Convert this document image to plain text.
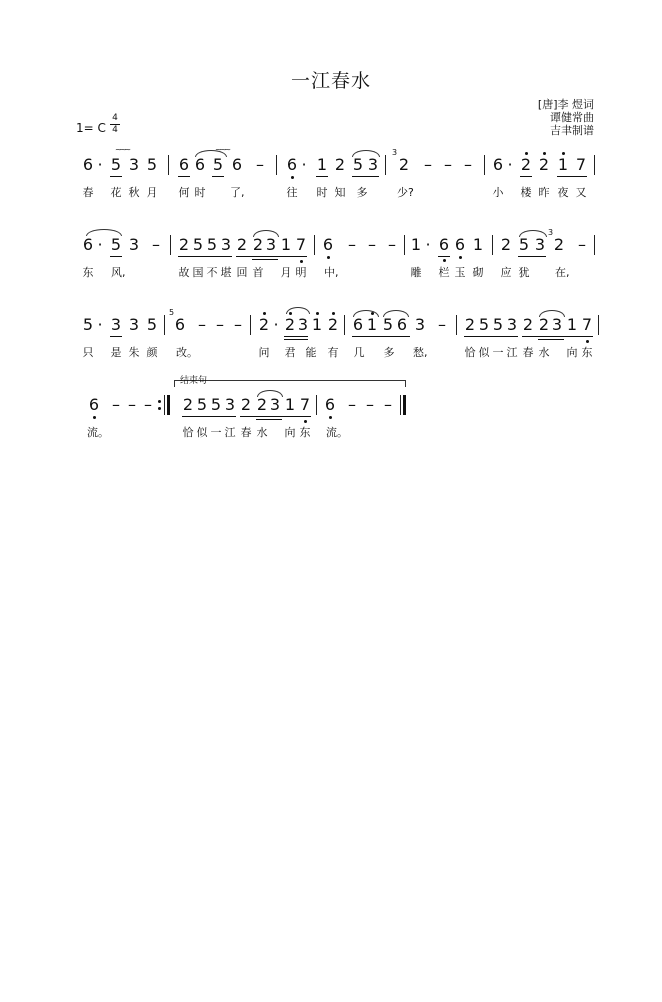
一江春水
[唐]李 煜词
谭健常曲
吉聿制谱
1= C
4
4
~~~	~~~
6 · 5 3 5 6 6 5 6 – 6 · 1 2 5 3
3
2 – – – 6 · 2 2 1 7
春 花 秋 月 何 时 了,	往 时 知 多	少?	小 楼 昨 夜 又
6 · 5 3 – 2 5 5 3 2 2 3 1 7 6 – – – 1 · 6 6 1 2 5 3
3
2 –
东 风,	故 国 不 堪 回 首 月 明 中,	雕 栏 玉 砌 应 犹 在,
5 · 3 3 5
5
6 – – – 2 · 2 3 1 2 6 1 5 6 3 – 2 5 5 3 2 2 3 1 7
只 是 朱 颜 改。	问 君 能 有 几 多 愁,	恰 似 一 江 春 水 向 东
结束句
6 – – – 2 5 5 3 2 2 3 1 7 6 – – –
流。	恰 似 一 江 春 水 向 东 流。
